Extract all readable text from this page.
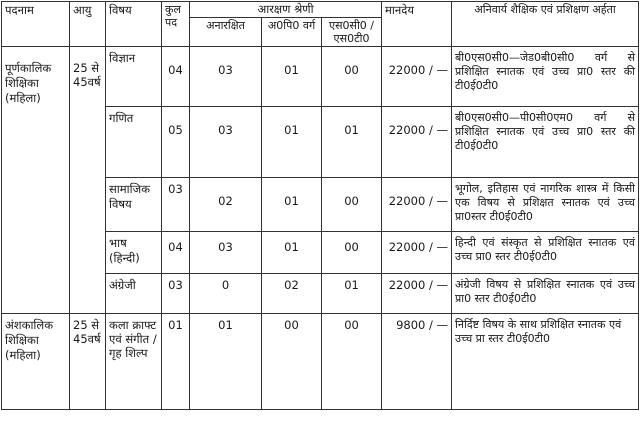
पदनाम	आयु	विषय	कुल पद	आरक्षण श्रेणी			मानदेय	अनिवार्य शैक्षिक एवं प्रशिक्षण अर्हता
				अनारक्षित	अ0पि0 वर्ग	एस0सी0 / एस0टी0		
पूर्णकालिक शिक्षिका (महिला)	25 से 45वर्ष	विज्ञान	04	03	01	00	22000 / —	बी0एस0सी0—जेड0बी0सी0 वर्ग से प्रशिक्षित स्नातक एवं उच्च प्रा0 स्तर की टी0ई0टी0
		गणित	05	03	01	01	22000 / —	बी0एस0सी0—पी0सी0एम0 वर्ग से प्रशिक्षित स्नातक एवं उच्च प्रा0 स्तर की टी0ई0टी0
		सामाजिक विषय	03	02	01	00	22000 / —	भूगोल, इतिहास एवं नागरिक शास्त्र में किसी एक विषय से प्रशिक्षत स्नातक एवं उच्च प्रा0स्तर टी0ई0टी0
		भाष (हिन्दी)	04	03	01	00	22000 / —	हिन्दी एवं संस्कृत से प्रशिक्षित स्नातक एवं उच्च प्रा0 स्तर टी0ई0टी0
		अंग्रेजी	03	0	02	01	22000 / —	अंग्रेजी विषय से प्रशिक्षित स्नातक एवं उच्च प्रा0 स्तर टी0ई0टी0
अंशकालिक शिक्षिका (महिला)	25 से 45वर्ष	कला क्राफ्ट एवं संगीत / गृह शिल्प	01	01	00	00	9800 / —	निर्दिष्ट विषय के साथ प्रशिक्षित स्नातक एवं उच्च प्रा स्तर टी0ई0टी0
